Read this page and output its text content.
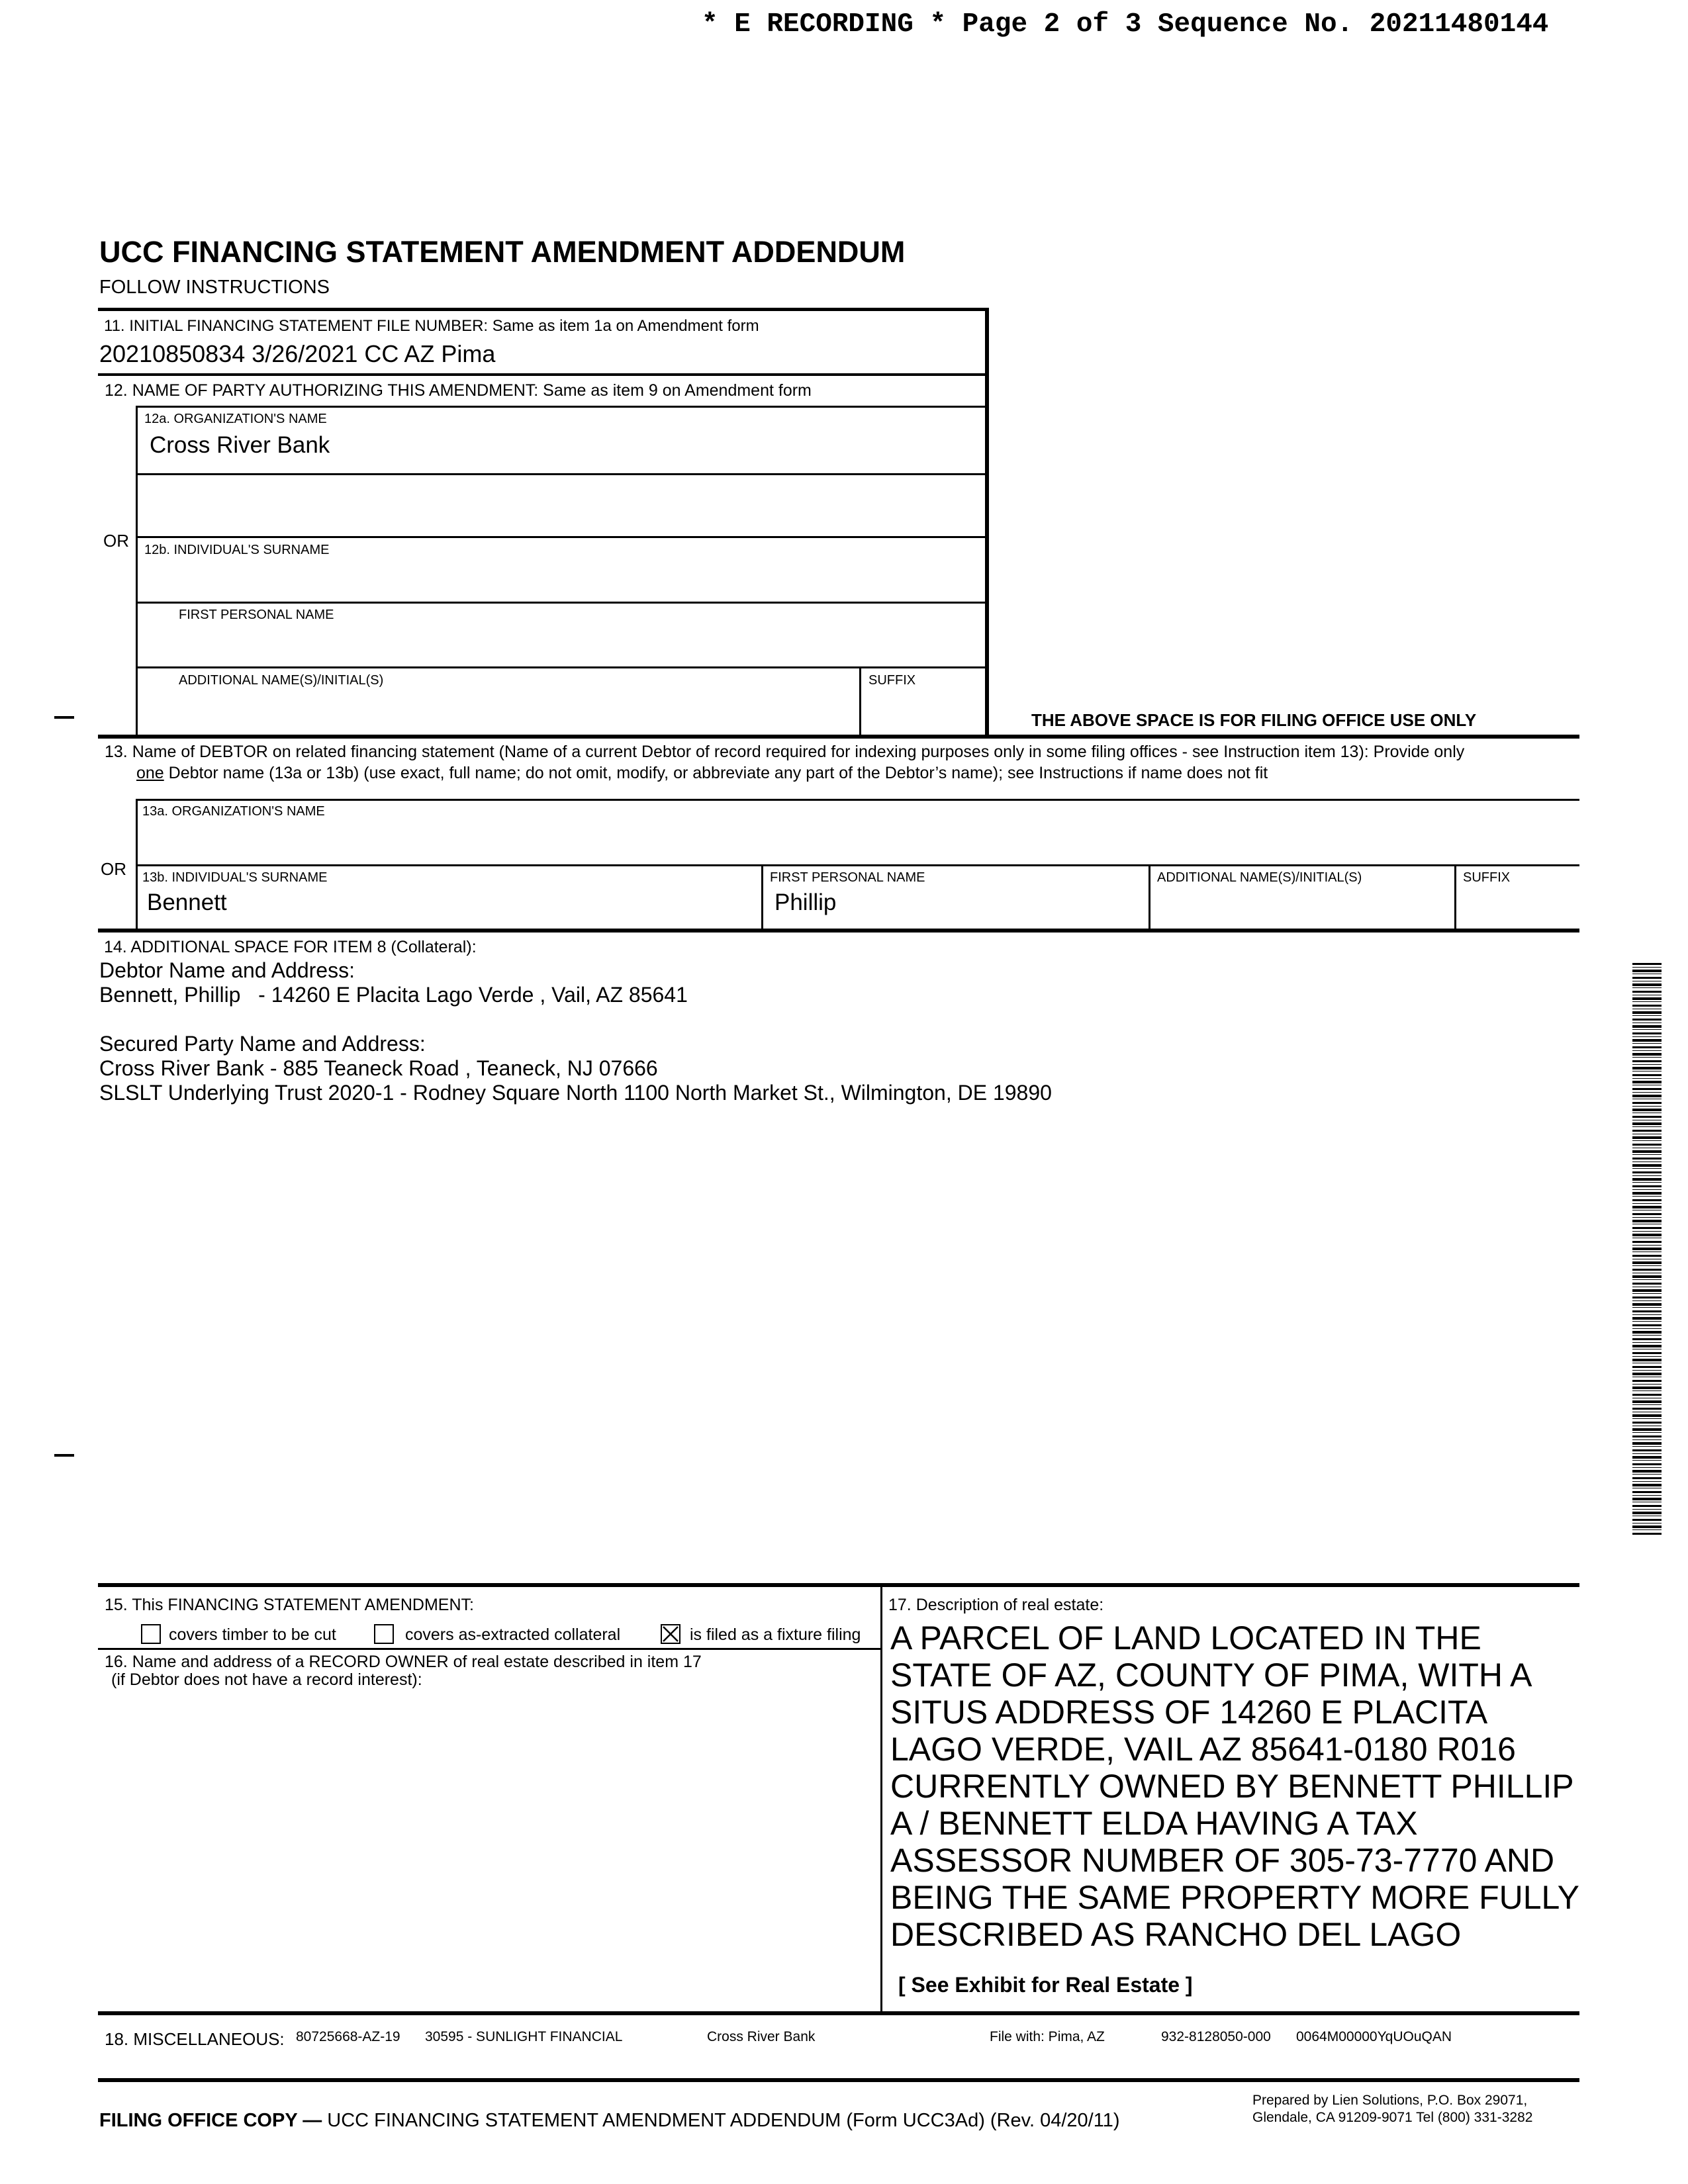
* E RECORDING * Page 2 of 3 Sequence No. 20211480144
UCC FINANCING STATEMENT AMENDMENT ADDENDUM
FOLLOW INSTRUCTIONS
11. INITIAL FINANCING STATEMENT FILE NUMBER: Same as item 1a on Amendment form
20210850834 3/26/2021 CC AZ Pima
12. NAME OF PARTY AUTHORIZING THIS AMENDMENT: Same as item 9 on Amendment form
12a. ORGANIZATION'S NAME
Cross River Bank
OR 12b. INDIVIDUAL'S SURNAME
FIRST PERSONAL NAME
ADDITIONAL NAME(S)/INITIAL(S)	SUFFIX
THE ABOVE SPACE IS FOR FILING OFFICE USE ONLY
13. Name of DEBTOR on related financing statement (Name of a current Debtor of record required for indexing purposes only in some filing offices - see Instruction item 13): Provide only
one Debtor name (13a or 13b) (use exact, full name; do not omit, modify, or abbreviate any part of the Debtor’s name); see Instructions if name does not fit
13a. ORGANIZATION'S NAME
OR 13b. INDIVIDUAL'S SURNAME
Bennett
FIRST PERSONAL NAME
Phillip
ADDITIONAL NAME(S)/INITIAL(S)	SUFFIX
14. ADDITIONAL SPACE FOR ITEM 8 (Collateral):
Debtor Name and Address:
Bennett, Phillip   - 14260 E Placita Lago Verde , Vail, AZ 85641
Secured Party Name and Address:
Cross River Bank - 885 Teaneck Road , Teaneck, NJ 07666
SLSLT Underlying Trust 2020-1 - Rodney Square North 1100 North Market St., Wilmington, DE 19890
15. This FINANCING STATEMENT AMENDMENT:
covers timber to be cut	covers as-extracted collateral	is filed as a fixture filing
16. Name and address of a RECORD OWNER of real estate described in item 17
(if Debtor does not have a record interest):
17. Description of real estate:
A PARCEL OF LAND LOCATED IN THE
STATE OF AZ, COUNTY OF PIMA, WITH A
SITUS ADDRESS OF 14260 E PLACITA
LAGO VERDE, VAIL AZ 85641-0180 R016
CURRENTLY OWNED BY BENNETT PHILLIP
A / BENNETT ELDA HAVING A TAX
ASSESSOR NUMBER OF 305-73-7770 AND
BEING THE SAME PROPERTY MORE FULLY
DESCRIBED AS RANCHO DEL LAGO
[ See Exhibit for Real Estate ]
18. MISCELLANEOUS: 80725668-AZ-19 30595 - SUNLIGHT FINANCIAL	Cross River Bank	File with: Pima, AZ	932-8128050-000 0064M00000YqUOuQAN
FILING OFFICE COPY — UCC FINANCING STATEMENT AMENDMENT ADDENDUM (Form UCC3Ad) (Rev. 04/20/11)
Prepared by Lien Solutions, P.O. Box 29071,
Glendale, CA 91209-9071 Tel (800) 331-3282
